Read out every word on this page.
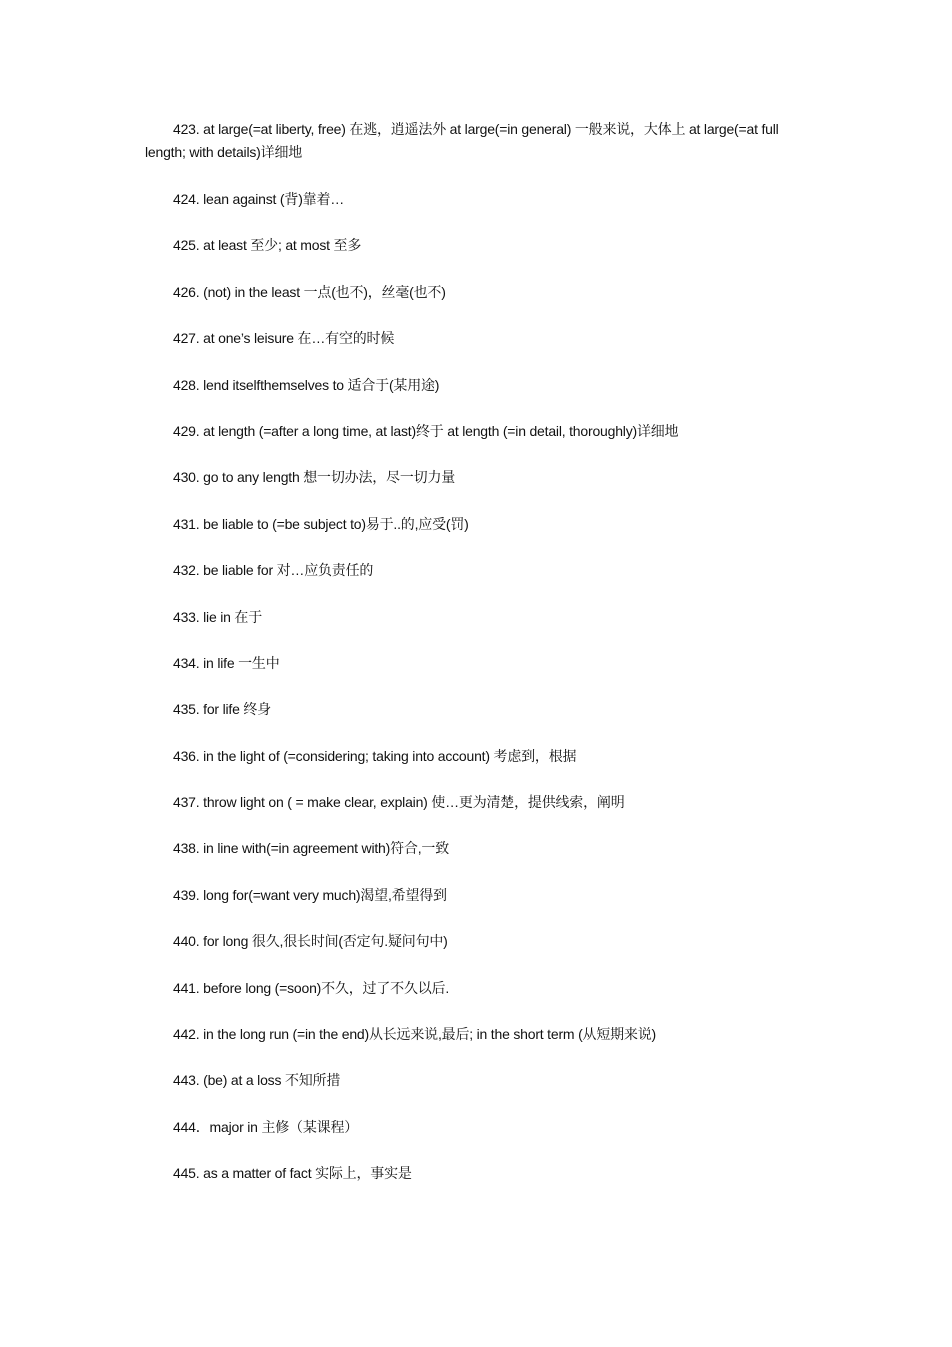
423. at large(=at liberty, free) 在逃，逍遥法外 at large(=in general) 一般来说，大体上 at large(=at full length; with details)详细地

424. lean against (背)靠着…

425. at least 至少; at most 至多

426. (not) in the least 一点(也不)，丝毫(也不)

427. at one’s leisure 在…有空的时候

428. lend itselfthemselves to 适合于(某用途)

429. at length (=after a long time, at last)终于 at length (=in detail, thoroughly)详细地

430. go to any length 想一切办法，尽一切力量

431. be liable to (=be subject to)易于..的,应受(罚)

432. be liable for 对…应负责任的

433. lie in 在于

434. in life 一生中

435. for life 终身

436. in the light of (=considering; taking into account) 考虑到，根据

437. throw light on ( = make clear, explain) 使…更为清楚，提供线索，阐明

438. in line with(=in agreement with)符合,一致

439. long for(=want very much)渴望,希望得到

440. for long 很久,很长时间(否定句.疑问句中)

441. before long (=soon)不久，过了不久以后.

442. in the long run (=in the end)从长远来说,最后; in the short term (从短期来说)

443. (be) at a loss 不知所措

444．major in 主修（某课程）

445. as a matter of fact 实际上，事实是
